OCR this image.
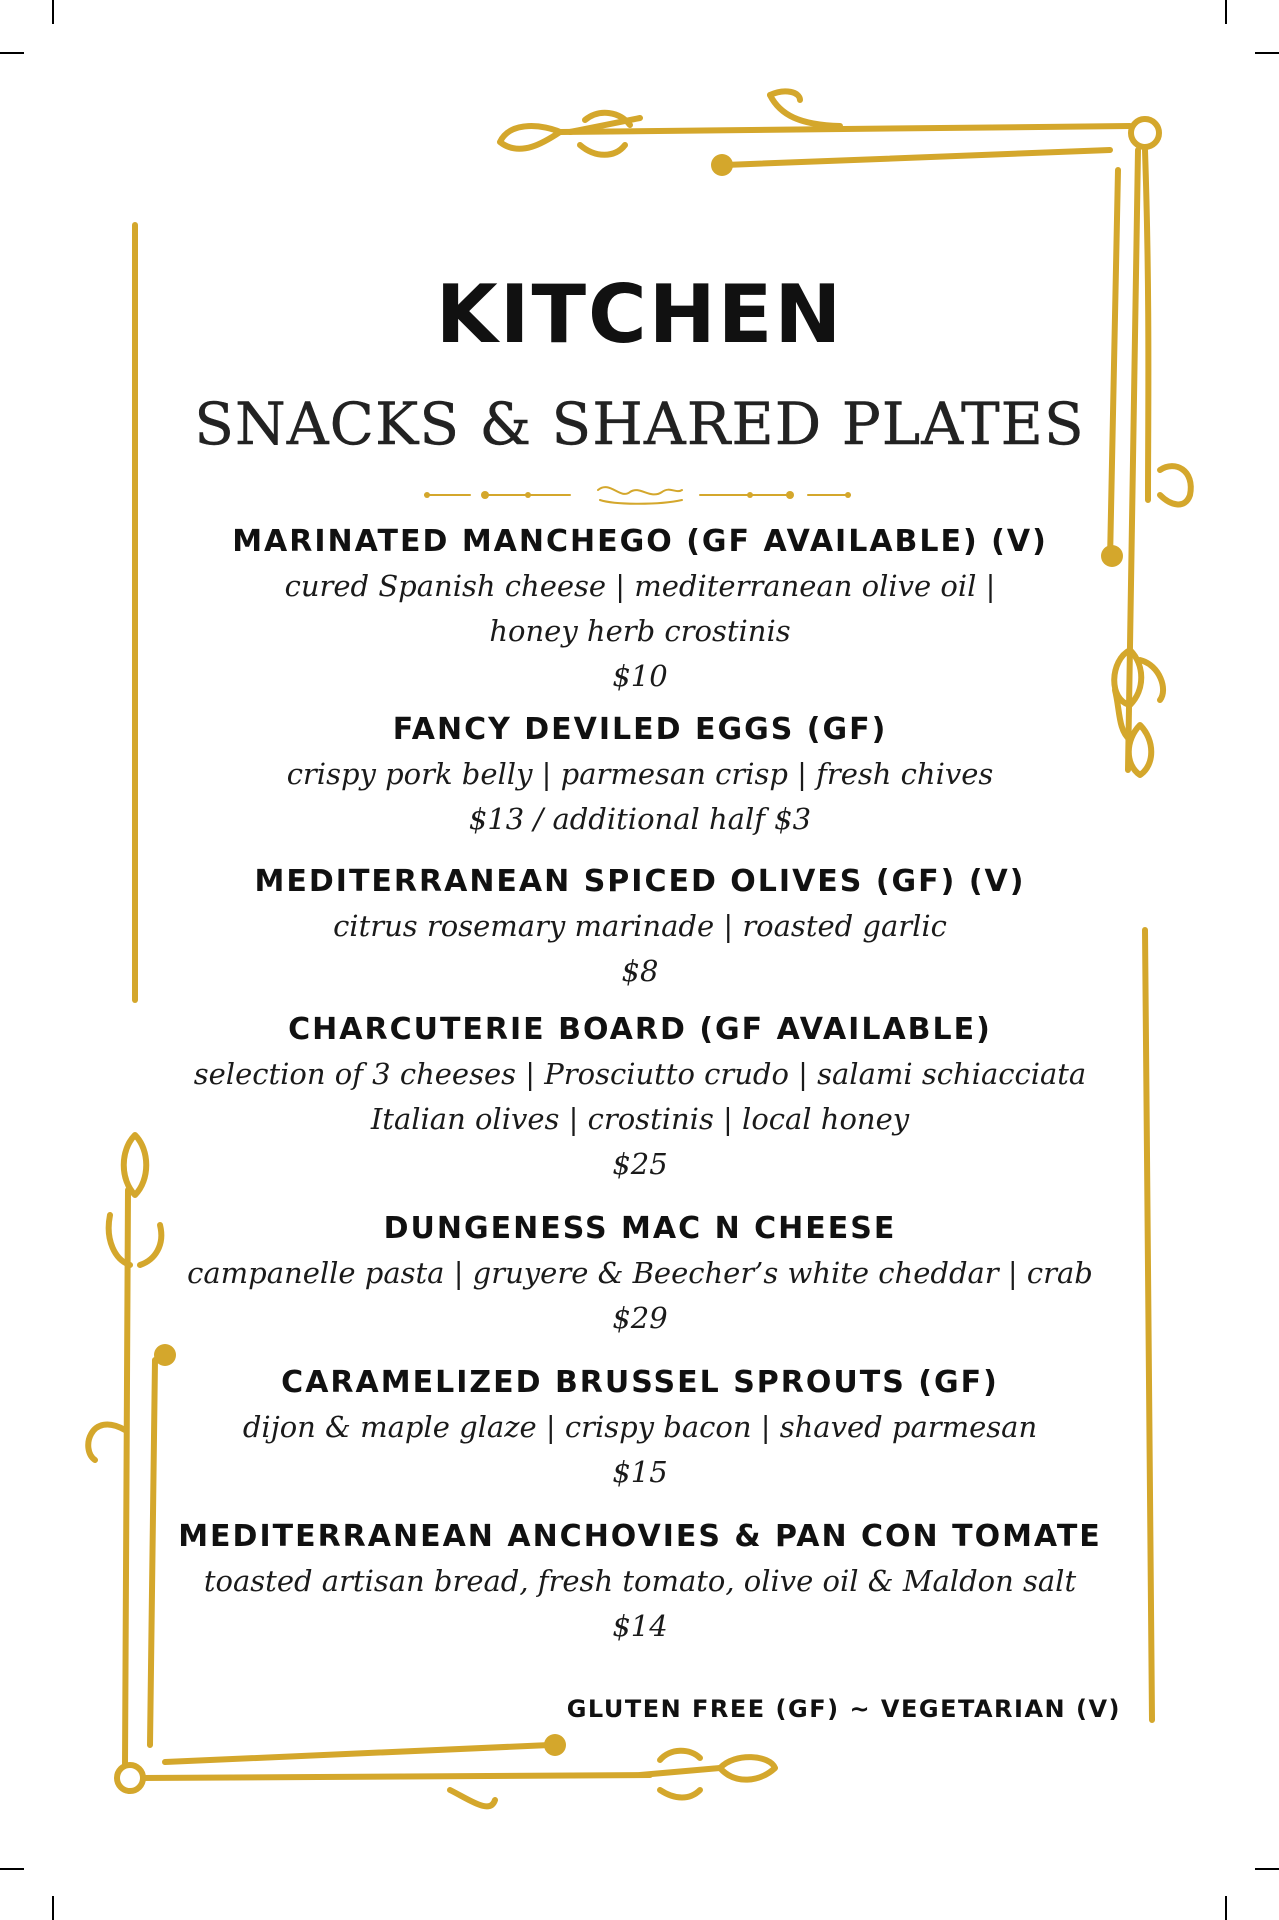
KITCHEN
SNACKS & SHARED PLATES
MARINATED MANCHEGO (GF AVAILABLE) (V)
cured Spanish cheese | mediterranean olive oil |
honey herb crostinis
$10
FANCY DEVILED EGGS (GF)
crispy pork belly | parmesan crisp | fresh chives
$13 / additional half $3
MEDITERRANEAN SPICED OLIVES (GF) (V)
citrus rosemary marinade | roasted garlic
$8
CHARCUTERIE BOARD (GF AVAILABLE)
selection of 3 cheeses | Prosciutto crudo | salami schiacciata
Italian olives | crostinis | local honey
$25
DUNGENESS MAC N CHEESE
campanelle pasta | gruyere & Beecher’s white cheddar | crab
$29
CARAMELIZED BRUSSEL SPROUTS (GF)
dijon & maple glaze | crispy bacon | shaved parmesan
$15
MEDITERRANEAN ANCHOVIES & PAN CON TOMATE
toasted artisan bread, fresh tomato, olive oil & Maldon salt
$14
GLUTEN FREE (GF) ~ VEGETARIAN (V)
